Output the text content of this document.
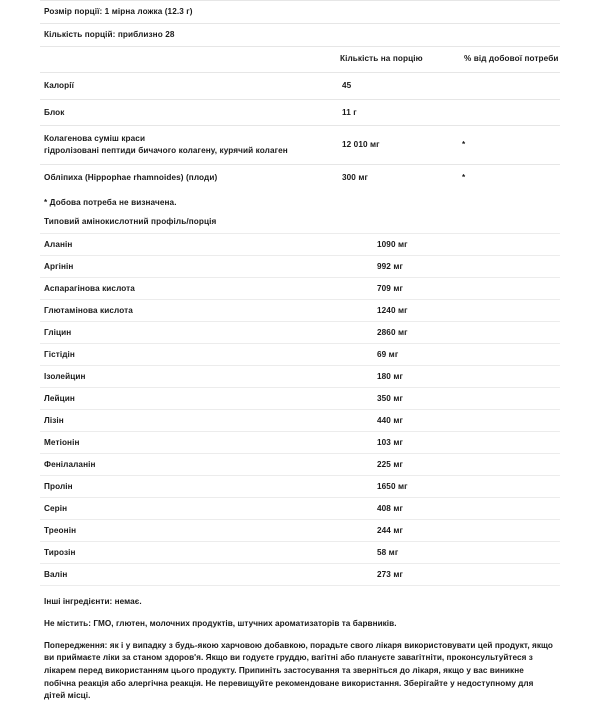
Розмір порції: 1 мірна ложка (12.3 г)
Кількість порцій: приблизно 28

	Кількість на порцію	% від добової потреби

Калорії	45	

Блок	11 г	

Колагенова суміш краси
гідролізовані пептиди бичачого колагену, курячий колаген	12 010 мг	*

Обліпиха (Hippophae rhamnoides) (плоди)	300 мг	*
* Добова потреба не визначена.
Типовий амінокислотний профіль/порція
Аланін	1090 мг

Аргінін	992 мг

Аспарагінова кислота	709 мг

Глютамінова кислота	1240 мг

Гліцин	2860 мг

Гістідін	69 мг

Ізолейцин	180 мг

Лейцин	350 мг

Лізін	440 мг

Метіонін	103 мг

Фенілаланін	225 мг

Пролін	1650 мг

Серін	408 мг

Треонін	244 мг

Тирозін	58 мг

Валін	273 мг
Інші інгредієнти: немає.
Не містить: ГМО, глютен, молочних продуктів, штучних ароматизаторів та барвників.
Попередження: як і у випадку з будь-якою харчовою добавкою, порадьте свого лікаря використовувати цей продукт, якщо ви приймаєте ліки за станом здоров'я. Якщо ви годуєте груддю, вагітні або плануєте завагітніти, проконсультуйтеся з лікарем перед використанням цього продукту. Припиніть застосування та зверніться до лікаря, якщо у вас виникне побічна реакція або алергічна реакція. Не перевищуйте рекомендоване використання. Зберігайте у недоступному для дітей місці.
